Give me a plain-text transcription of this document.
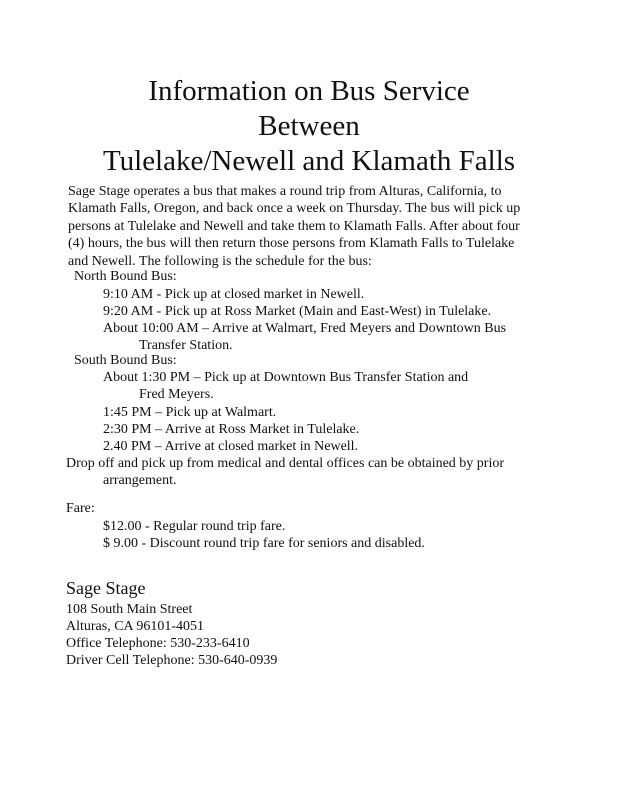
Information on Bus Service
Between
Tulelake/Newell and Klamath Falls
Sage Stage operates a bus that makes a round trip from Alturas, California, to
Klamath Falls, Oregon, and back once a week on Thursday. The bus will pick up
persons at Tulelake and Newell and take them to Klamath Falls. After about four
(4) hours, the bus will then return those persons from Klamath Falls to Tulelake
and Newell. The following is the schedule for the bus:
North Bound Bus:
9:10 AM - Pick up at closed market in Newell.
9:20 AM - Pick up at Ross Market (Main and East-West) in Tulelake.
About 10:00 AM – Arrive at Walmart, Fred Meyers and Downtown Bus
Transfer Station.
South Bound Bus:
About 1:30 PM – Pick up at Downtown Bus Transfer Station and
Fred Meyers.
1:45 PM – Pick up at Walmart.
2:30 PM – Arrive at Ross Market in Tulelake.
2.40 PM – Arrive at closed market in Newell.
Drop off and pick up from medical and dental offices can be obtained by prior
arrangement.
Fare:
$12.00 - Regular round trip fare.
$ 9.00 - Discount round trip fare for seniors and disabled.
Sage Stage
108 South Main Street
Alturas, CA 96101-4051
Office Telephone: 530-233-6410
Driver Cell Telephone: 530-640-0939
